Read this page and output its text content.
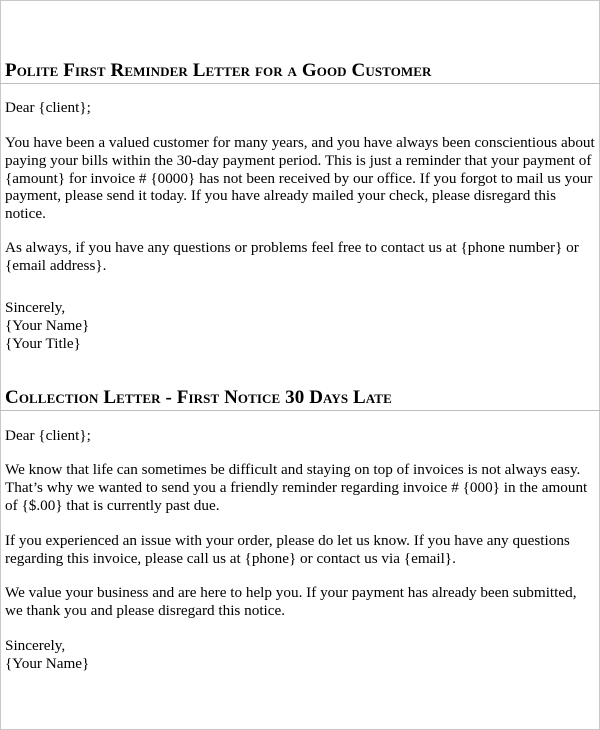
Polite First Reminder Letter for a Good Customer

Dear {client};

You have been a valued customer for many years, and you have always been conscientious about
paying your bills within the 30-day payment period. This is just a reminder that your payment of
{amount} for invoice # {0000} has not been received by our office. If you forgot to mail us your
payment, please send it today. If you have already mailed your check, please disregard this
notice.

As always, if you have any questions or problems feel free to contact us at {phone number} or
{email address}.

Sincerely,
{Your Name}
{Your Title}

Collection Letter - First Notice 30 Days Late

Dear {client};

We know that life can sometimes be difficult and staying on top of invoices is not always easy.
That’s why we wanted to send you a friendly reminder regarding invoice # {000} in the amount
of {$.00} that is currently past due.

If you experienced an issue with your order, please do let us know. If you have any questions
regarding this invoice, please call us at {phone} or contact us via {email}.

We value your business and are here to help you. If your payment has already been submitted,
we thank you and please disregard this notice.

Sincerely,
{Your Name}
